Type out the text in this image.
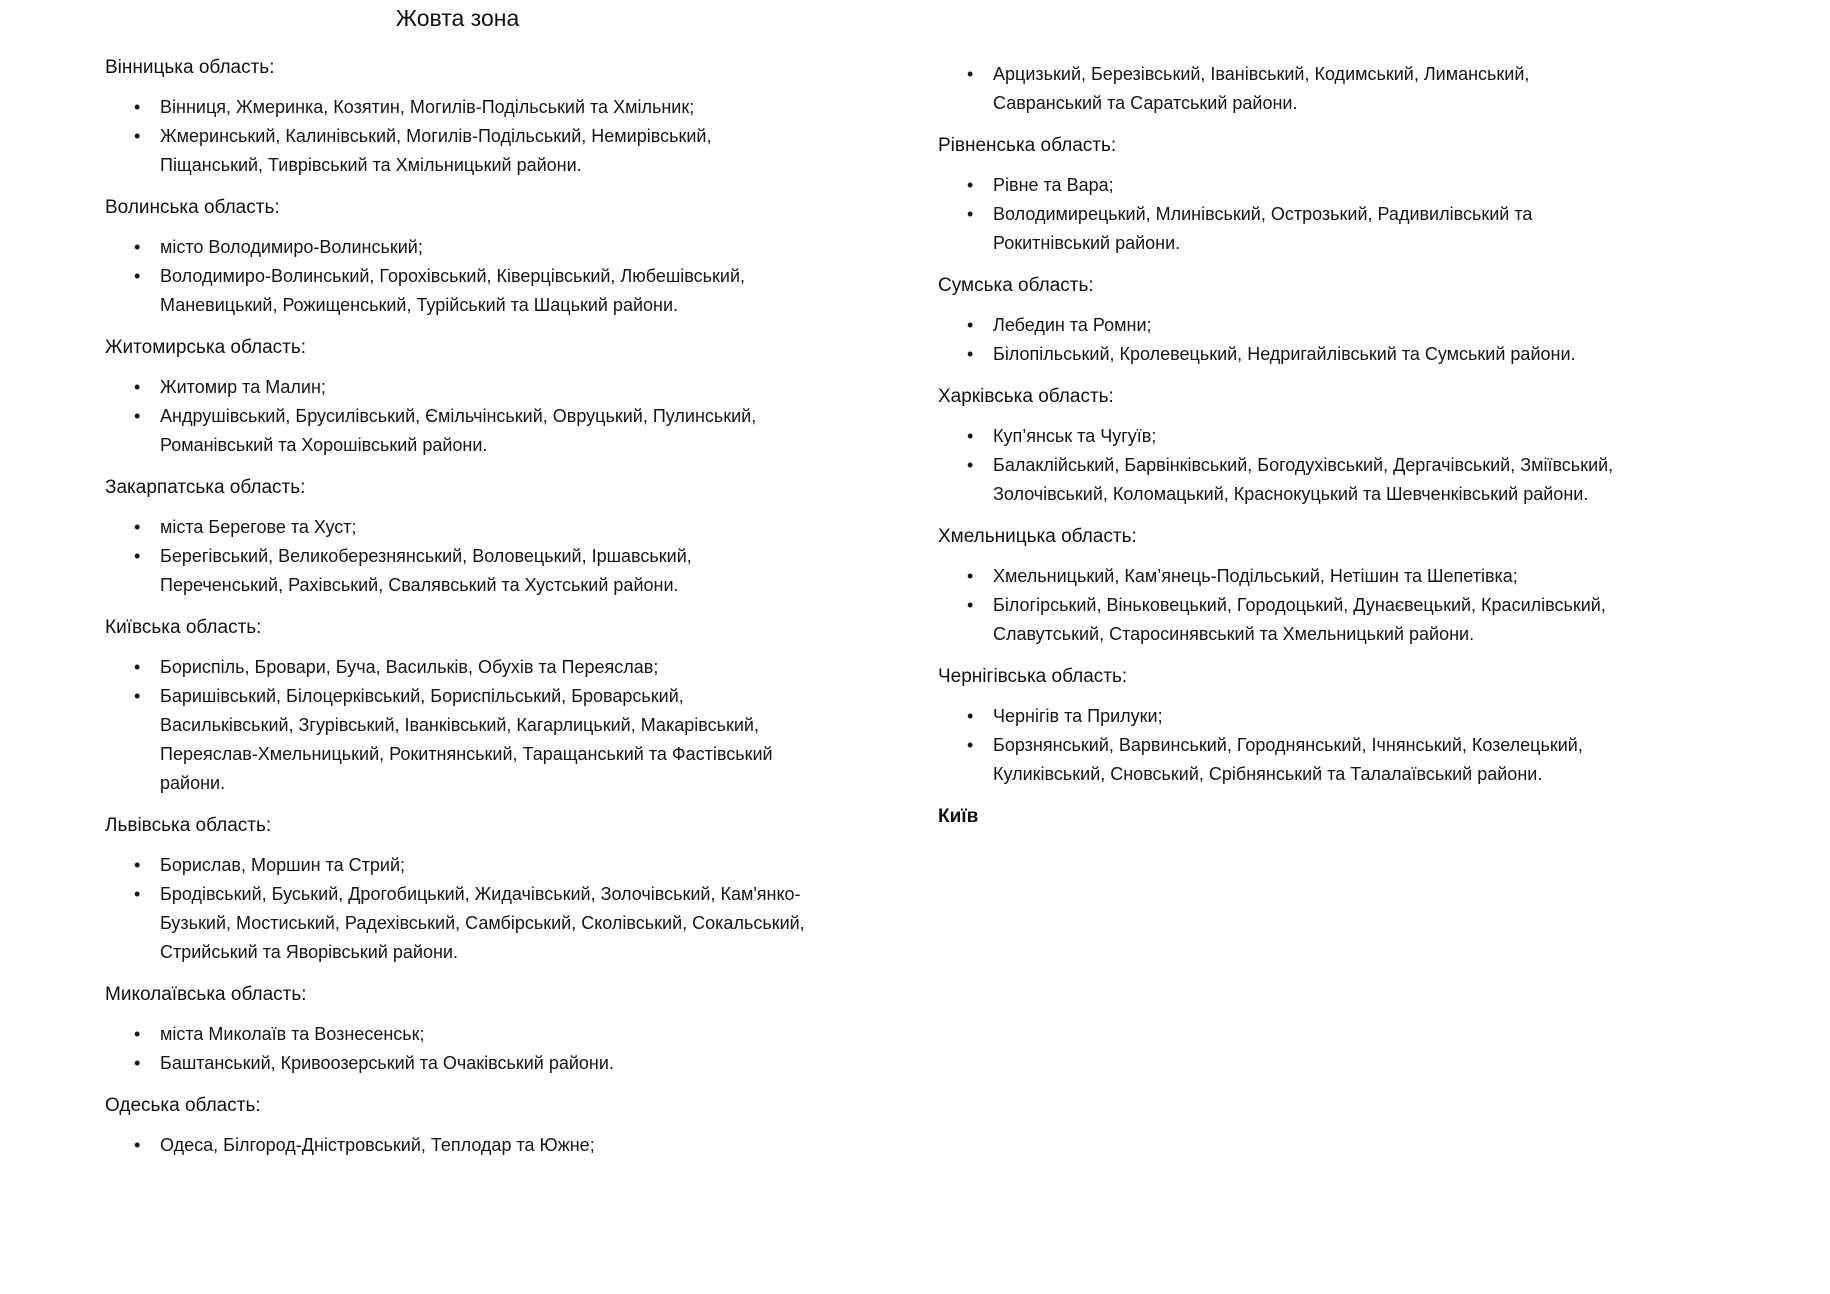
Жовта зона
Вінницька область:
• Вінниця, Жмеринка, Козятин, Могилів-Подільський та Хмільник;
• Жмеринський, Калинівський, Могилів-Подільський, Немирівський, Піщанський, Тиврівський та Хмільницький райони.
Волинська область:
• місто Володимиро-Волинський;
• Володимиро-Волинський, Горохівський, Ківерцівський, Любешівський, Маневицький, Рожищенський, Турійський та Шацький райони.
Житомирська область:
• Житомир та Малин;
• Андрушівський, Брусилівський, Ємільчінський, Овруцький, Пулинський, Романівський та Хорошівський райони.
Закарпатська область:
• міста Берегове та Хуст;
• Берегівський, Великоберезнянський, Воловецький, Іршавський, Переченський, Рахівський, Свалявський та Хустський райони.
Київська область:
• Бориспіль, Бровари, Буча, Васильків, Обухів та Переяслав;
• Баришівський, Білоцерківський, Бориспільський, Броварський, Васильківський, Згурівський, Іванківський, Кагарлицький, Макарівський, Переяслав-Хмельницький, Рокитнянський, Таращанський та Фастівський райони.
Львівська область:
• Борислав, Моршин та Стрий;
• Бродівський, Буський, Дрогобицький, Жидачівський, Золочівський, Кам'янко-Бузький, Мостиський, Радехівський, Самбірський, Сколівський, Сокальський, Стрийський та Яворівський райони.
Миколаївська область:
• міста Миколаїв та Вознесенськ;
• Баштанський, Кривоозерський та Очаківський райони.
Одеська область:
• Одеса, Білгород-Дністровський, Теплодар та Южне;
• Арцизький, Березівський, Іванівський, Кодимський, Лиманський, Савранський та Саратський райони.
Рівненська область:
• Рівне та Вара;
• Володимирецький, Млинівський, Острозький, Радивилівський та Рокитнівський райони.
Сумська область:
• Лебедин та Ромни;
• Білопільський, Кролевецький, Недригайлівський та Сумський райони.
Харківська область:
• Куп’янськ та Чугуїв;
• Балаклійський, Барвінківський, Богодухівський, Дергачівський, Зміївський, Золочівський, Коломацький, Краснокуцький та Шевченківський райони.
Хмельницька область:
• Хмельницький, Кам’янець-Подільський, Нетішин та Шепетівка;
• Білогірський, Віньковецький, Городоцький, Дунаєвецький, Красилівський, Славутський, Старосинявський та Хмельницький райони.
Чернігівська область:
• Чернігів та Прилуки;
• Борзнянський, Варвинський, Городнянський, Ічнянський, Козелецький, Куликівський, Сновський, Срібнянський та Талалаївський райони.
Київ
